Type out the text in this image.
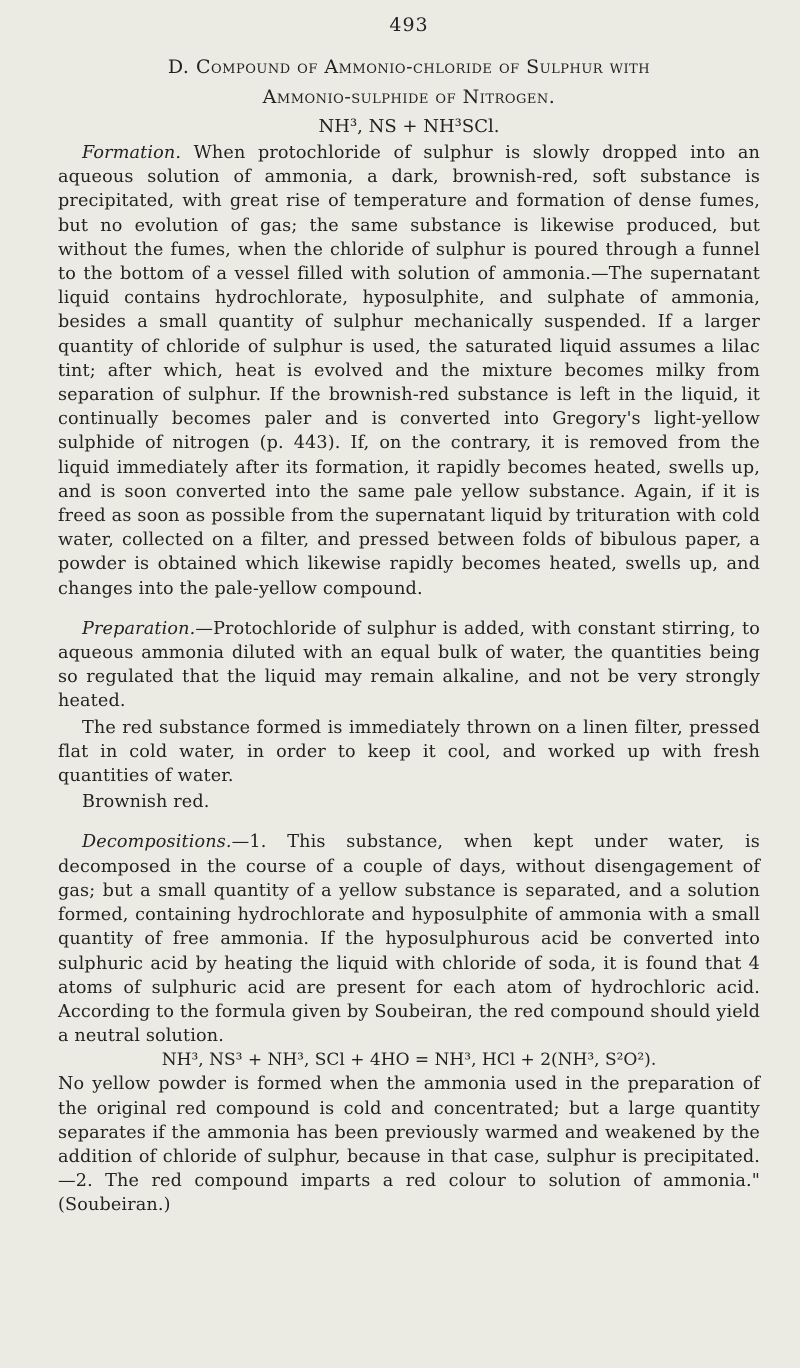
493
D. Compound of Ammonio-chloride of Sulphur with
Ammonio-sulphide of Nitrogen.
NH³, NS + NH³SCl.

Formation. When protochloride of sulphur is slowly dropped into an aqueous solution of ammonia, a dark, brownish-red, soft substance is precipitated, with great rise of temperature and formation of dense fumes, but no evolution of gas; the same substance is likewise produced, but without the fumes, when the chloride of sulphur is poured through a funnel to the bottom of a vessel filled with solution of ammonia.—The supernatant liquid contains hydrochlorate, hyposulphite, and sulphate of ammonia, besides a small quantity of sulphur mechanically suspended. If a larger quantity of chloride of sulphur is used, the saturated liquid assumes a lilac tint; after which, heat is evolved and the mixture becomes milky from separation of sulphur. If the brownish-red substance is left in the liquid, it continually becomes paler and is converted into Gregory's light-yellow sulphide of nitrogen (p. 443). If, on the contrary, it is removed from the liquid immediately after its formation, it rapidly becomes heated, swells up, and is soon converted into the same pale yellow substance. Again, if it is freed as soon as possible from the supernatant liquid by trituration with cold water, collected on a filter, and pressed between folds of bibulous paper, a powder is obtained which likewise rapidly becomes heated, swells up, and changes into the pale-yellow compound.

Preparation.—Protochloride of sulphur is added, with constant stirring, to aqueous ammonia diluted with an equal bulk of water, the quantities being so regulated that the liquid may remain alkaline, and not be very strongly heated.

The red substance formed is immediately thrown on a linen filter, pressed flat in cold water, in order to keep it cool, and worked up with fresh quantities of water.

Brownish red.

Decompositions.—1. This substance, when kept under water, is decomposed in the course of a couple of days, without disengagement of gas; but a small quantity of a yellow substance is separated, and a solution formed, containing hydrochlorate and hyposulphite of ammonia with a small quantity of free ammonia. If the hyposulphurous acid be converted into sulphuric acid by heating the liquid with chloride of soda, it is found that 4 atoms of sulphuric acid are present for each atom of hydrochloric acid. According to the formula given by Soubeiran, the red compound should yield a neutral solution.

NH³, NS³ + NH³, SCl + 4HO = NH³, HCl + 2(NH³, S²O²).

No yellow powder is formed when the ammonia used in the preparation of the original red compound is cold and concentrated; but a large quantity separates if the ammonia has been previously warmed and weakened by the addition of chloride of sulphur, because in that case, sulphur is precipitated.—2. The red compound imparts a red colour to solution of ammonia." (Soubeiran.)
